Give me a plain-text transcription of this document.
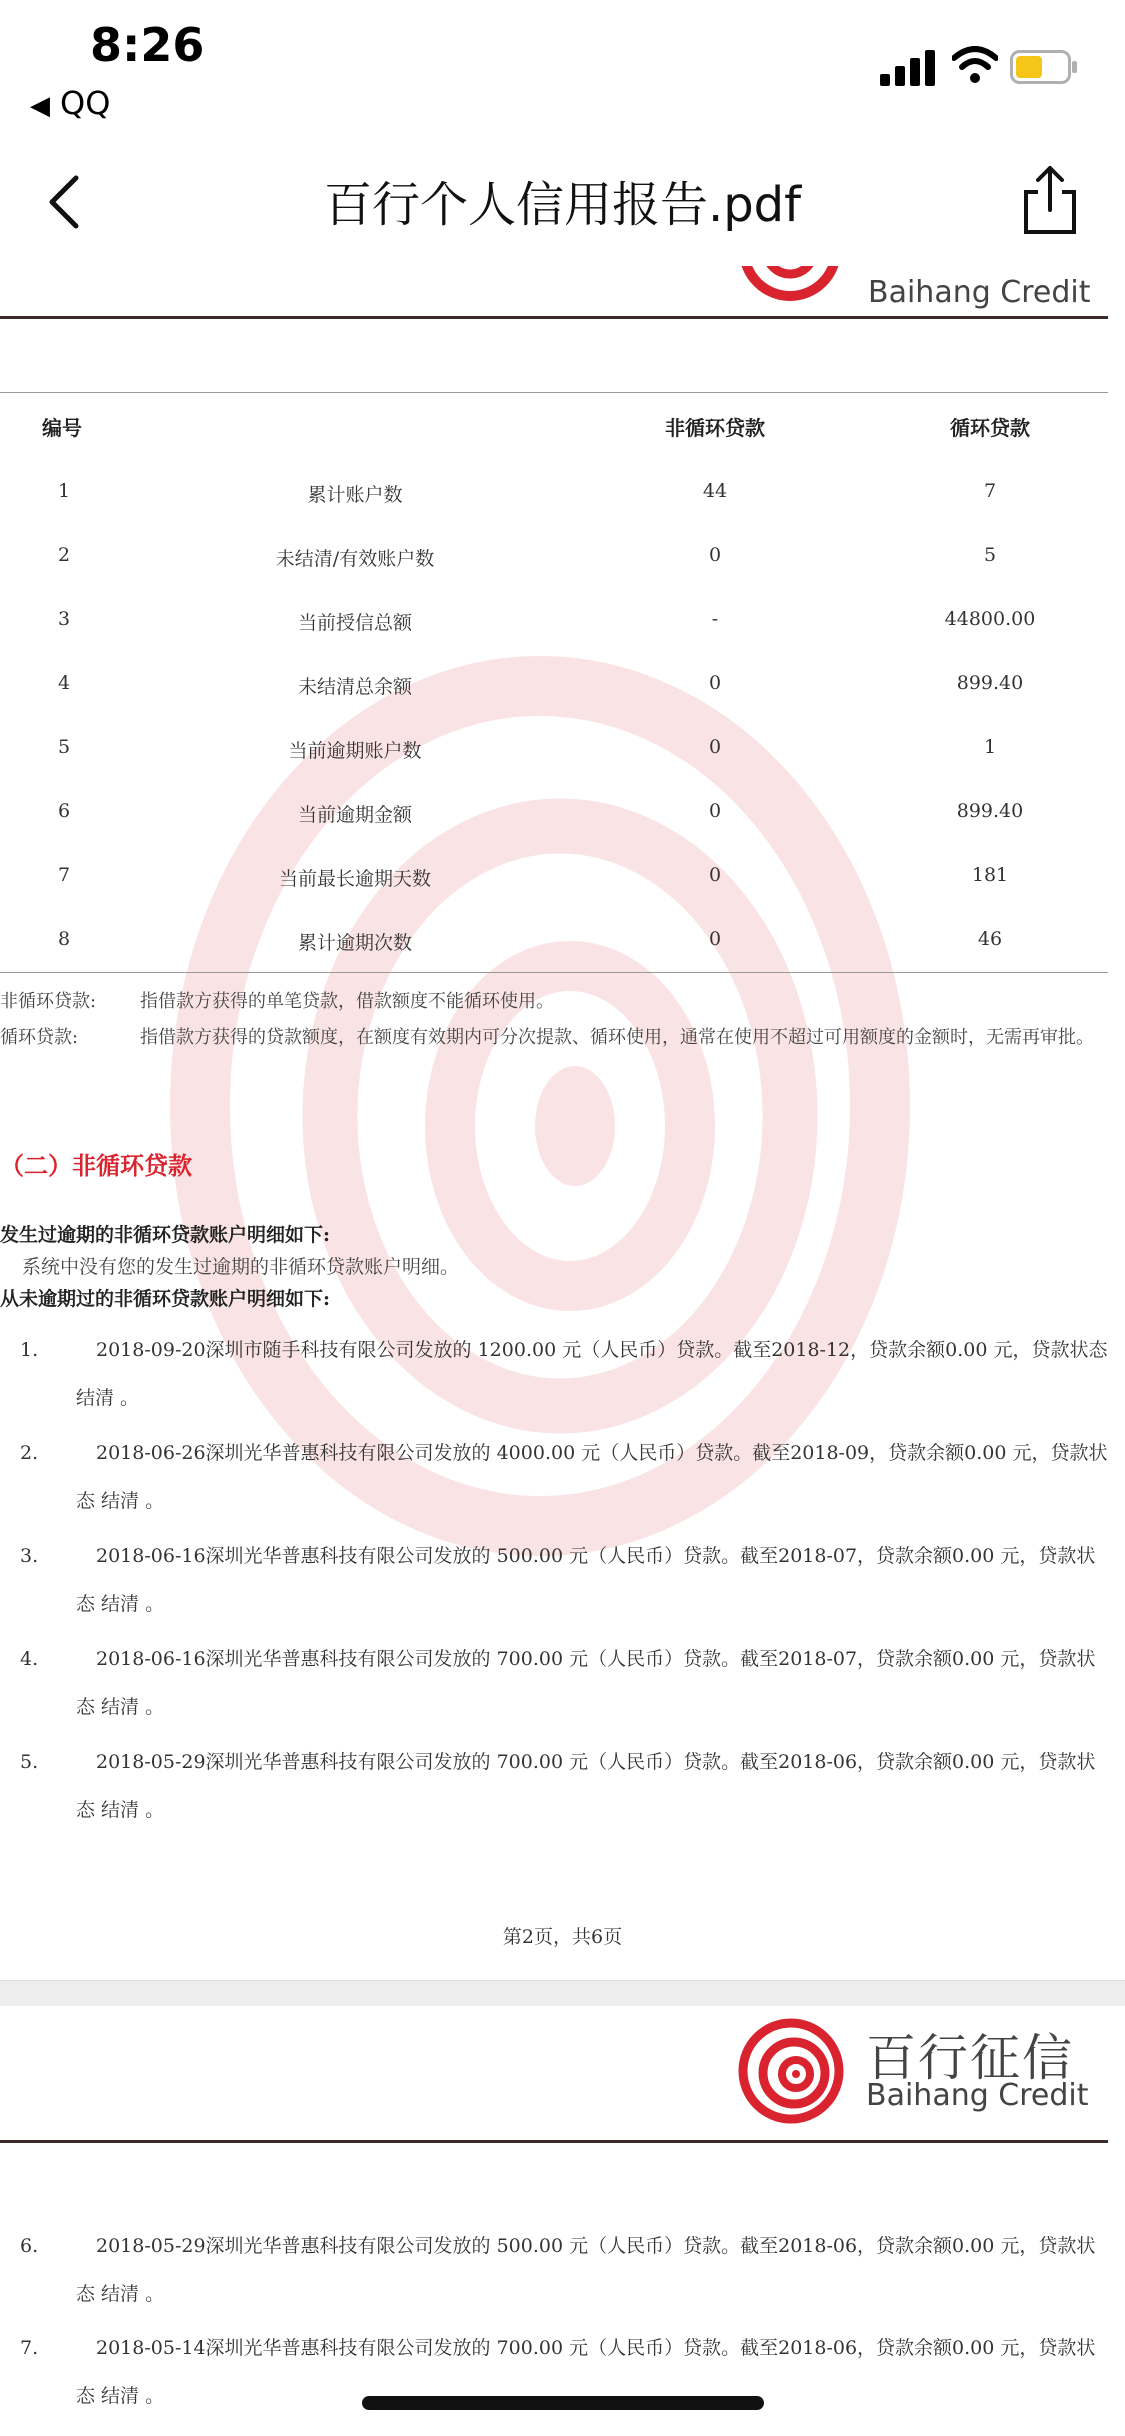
8:26
◀ QQ
百行个人信用报告.pdf
Baihang Credit
编号	非循环贷款	循环贷款
1	累计账户数	44	7
2	未结清/有效账户数	0	5
3	当前授信总额	-	44800.00
4	未结清总余额	0	899.40
5	当前逾期账户数	0	1
6	当前逾期金额	0	899.40
7	当前最长逾期天数	0	181
8	累计逾期次数	0	46
非循环贷款: 指借款方获得的单笔贷款，借款额度不能循环使用。
循环贷款:	指借款方获得的贷款额度，在额度有效期内可分次提款、循环使用，通常在使用不超过可用额度的金额时，无需再审批。
（二）非循环贷款
发生过逾期的非循环贷款账户明细如下:
系统中没有您的发生过逾期的非循环贷款账户明细。
从未逾期过的非循环贷款账户明细如下:
1.	2018-09-20深圳市随手科技有限公司发放的 1200.00 元（人民币）贷款。截至2018-12，贷款余额0.00 元，贷款状态 结清 。
2.	2018-06-26深圳光华普惠科技有限公司发放的 4000.00 元（人民币）贷款。截至2018-09，贷款余额0.00 元，贷款状态 结清 。
3.	2018-06-16深圳光华普惠科技有限公司发放的 500.00 元（人民币）贷款。截至2018-07，贷款余额0.00 元，贷款状态 结清 。
4.	2018-06-16深圳光华普惠科技有限公司发放的 700.00 元（人民币）贷款。截至2018-07，贷款余额0.00 元，贷款状态 结清 。
5.	2018-05-29深圳光华普惠科技有限公司发放的 700.00 元（人民币）贷款。截至2018-06，贷款余额0.00 元，贷款状态 结清 。
第2页，共6页
百行征信
Baihang Credit
6.	2018-05-29深圳光华普惠科技有限公司发放的 500.00 元（人民币）贷款。截至2018-06，贷款余额0.00 元，贷款状态 结清 。
7.	2018-05-14深圳光华普惠科技有限公司发放的 700.00 元（人民币）贷款。截至2018-06，贷款余额0.00 元，贷款状态 结清 。
